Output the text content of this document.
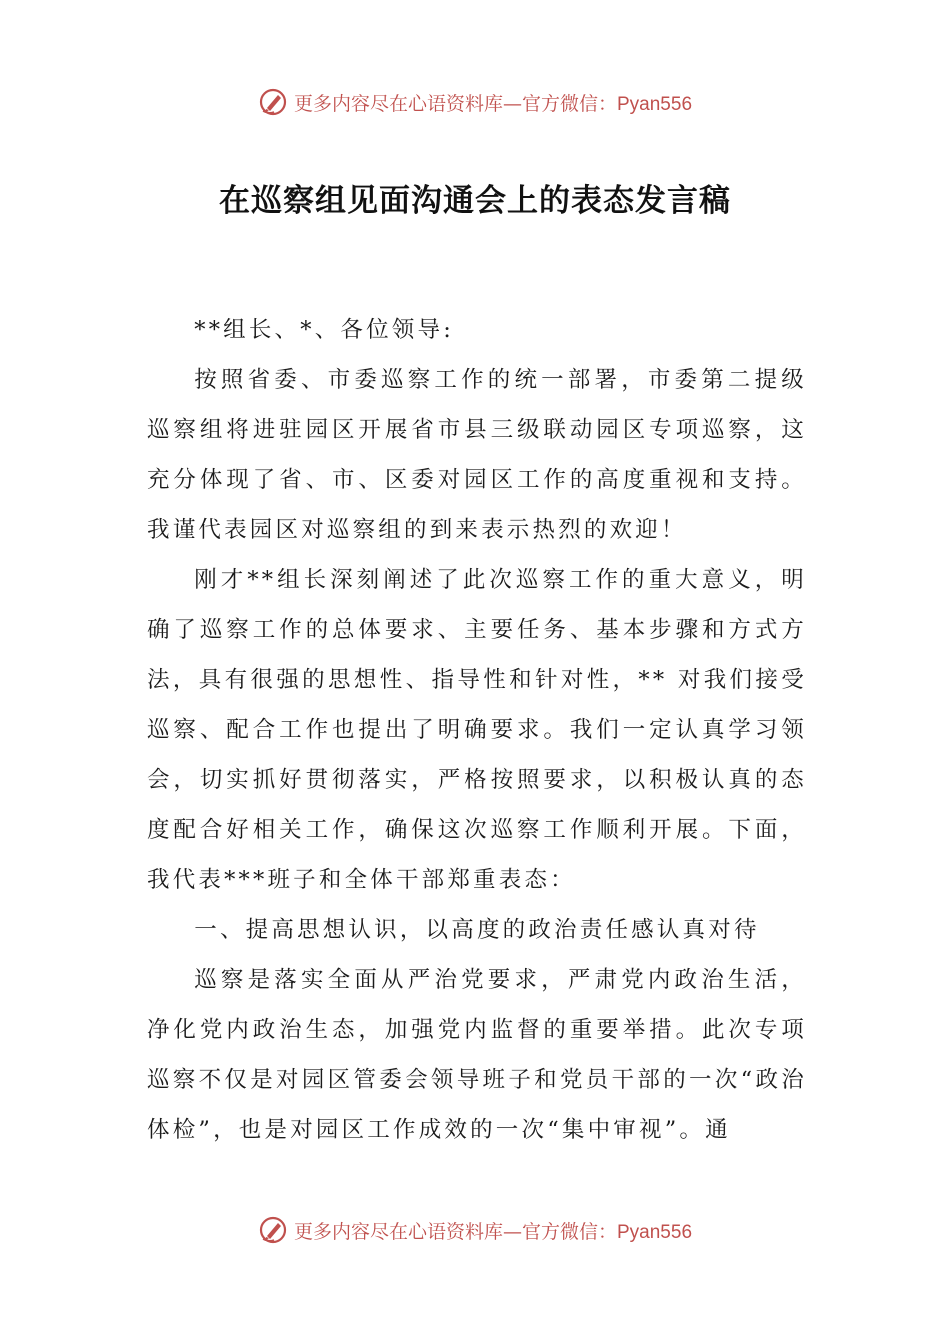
更多内容尽在心语资料库—官方微信：Pyan556
在巡察组见面沟通会上的表态发言稿

**组长、*、各位领导:

按照省委、市委巡察工作的统一部署，市委第二提级巡察组将进驻园区开展省市县三级联动园区专项巡察，这充分体现了省、市、区委对园区工作的高度重视和支持。我谨代表园区对巡察组的到来表示热烈的欢迎！

刚才**组长深刻阐述了此次巡察工作的重大意义，明确了巡察工作的总体要求、主要任务、基本步骤和方式方法，具有很强的思想性、指导性和针对性，** 对我们接受巡察、配合工作也提出了明确要求。我们一定认真学习领会，切实抓好贯彻落实，严格按照要求，以积极认真的态度配合好相关工作，确保这次巡察工作顺利开展。下面，我代表***班子和全体干部郑重表态：

一、提高思想认识，以高度的政治责任感认真对待

巡察是落实全面从严治党要求，严肃党内政治生活，净化党内政治生态，加强党内监督的重要举措。此次专项巡察不仅是对园区管委会领导班子和党员干部的一次“政治体检”，也是对园区工作成效的一次“集中审视”。通

更多内容尽在心语资料库—官方微信：Pyan556
